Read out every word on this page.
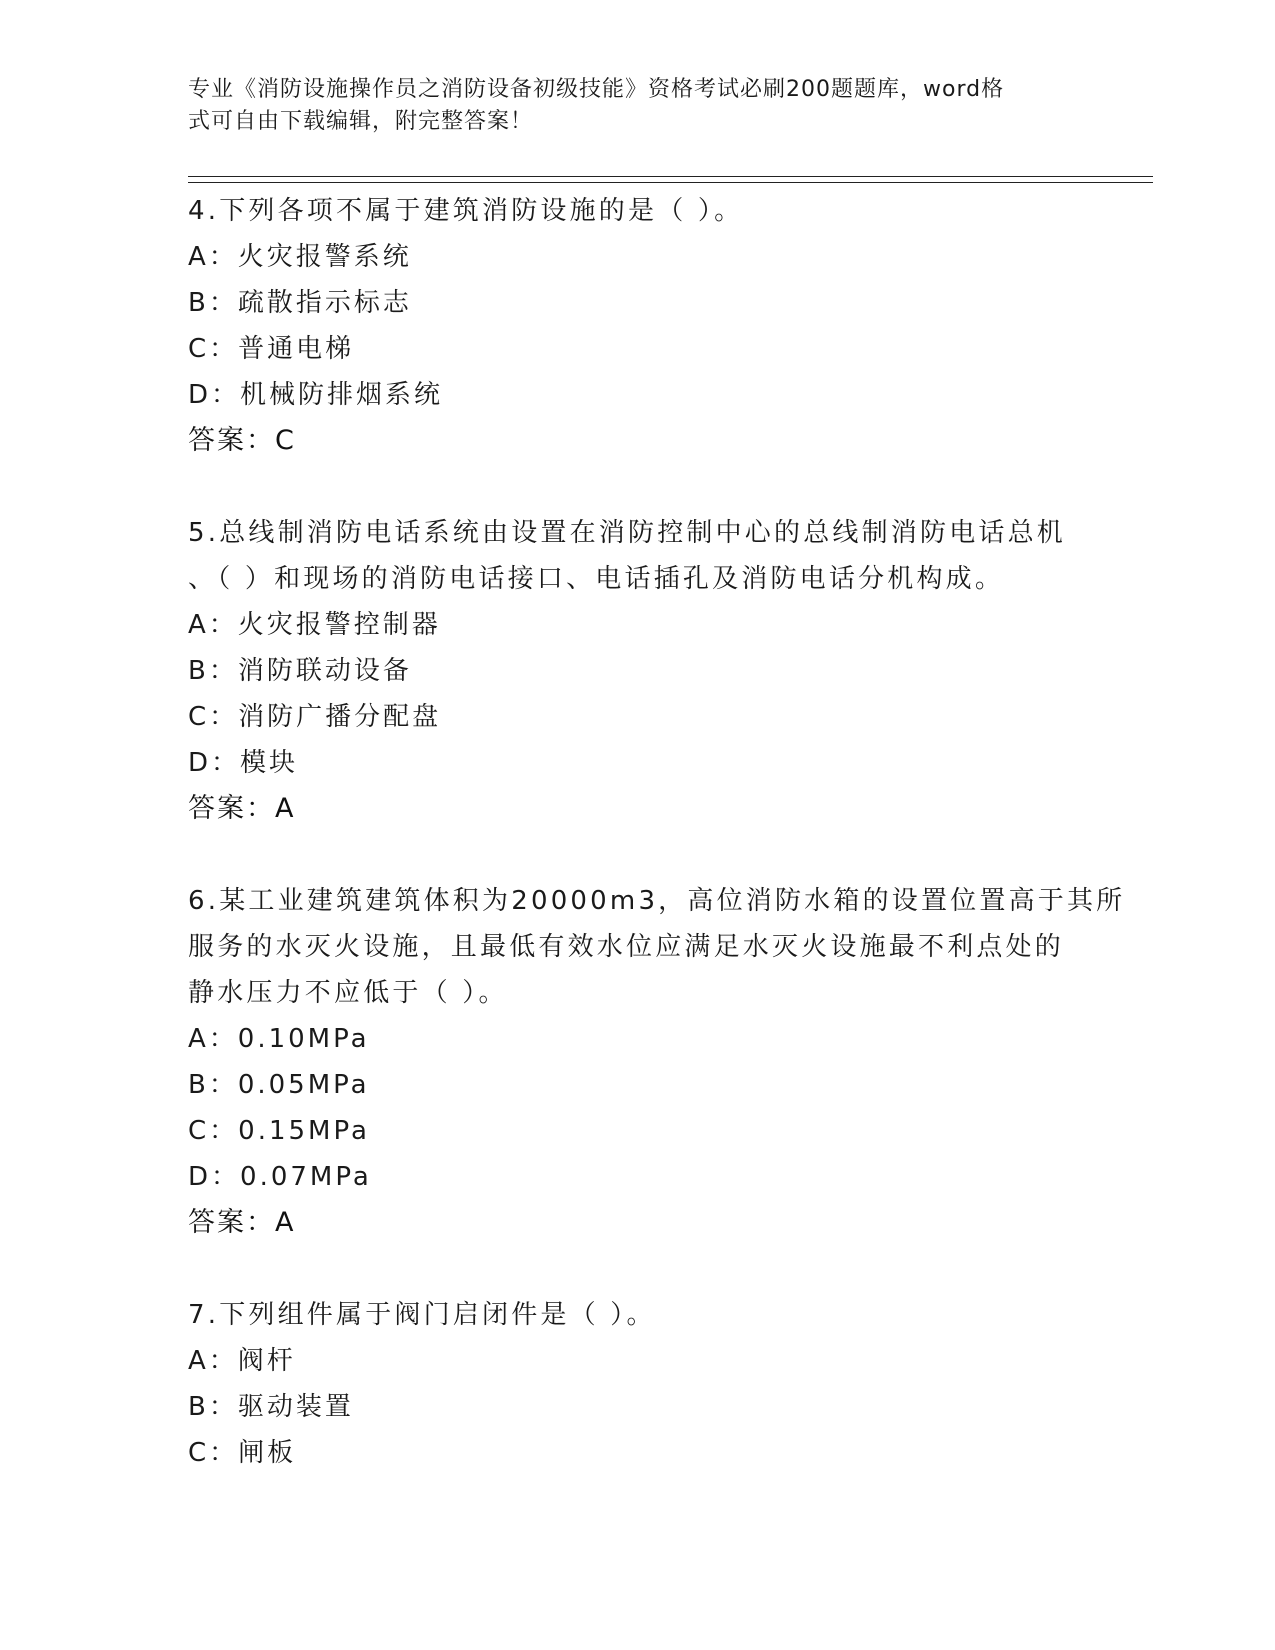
专业《消防设施操作员之消防设备初级技能》资格考试必刷200题题库，word格
式可自由下载编辑，附完整答案！
4.下列各项不属于建筑消防设施的是（ ）。
A：火灾报警系统
B：疏散指示标志
C：普通电梯
D：机械防排烟系统
答案：C
5.总线制消防电话系统由设置在消防控制中心的总线制消防电话总机
、（ ）和现场的消防电话接口、电话插孔及消防电话分机构成。
A：火灾报警控制器
B：消防联动设备
C：消防广播分配盘
D：模块
答案：A
6.某工业建筑建筑体积为20000m3，高位消防水箱的设置位置高于其所
服务的水灭火设施，且最低有效水位应满足水灭火设施最不利点处的
静水压力不应低于（ ）。
A：0.10MPa
B：0.05MPa
C：0.15MPa
D：0.07MPa
答案：A
7.下列组件属于阀门启闭件是（ ）。
A：阀杆
B：驱动装置
C：闸板
